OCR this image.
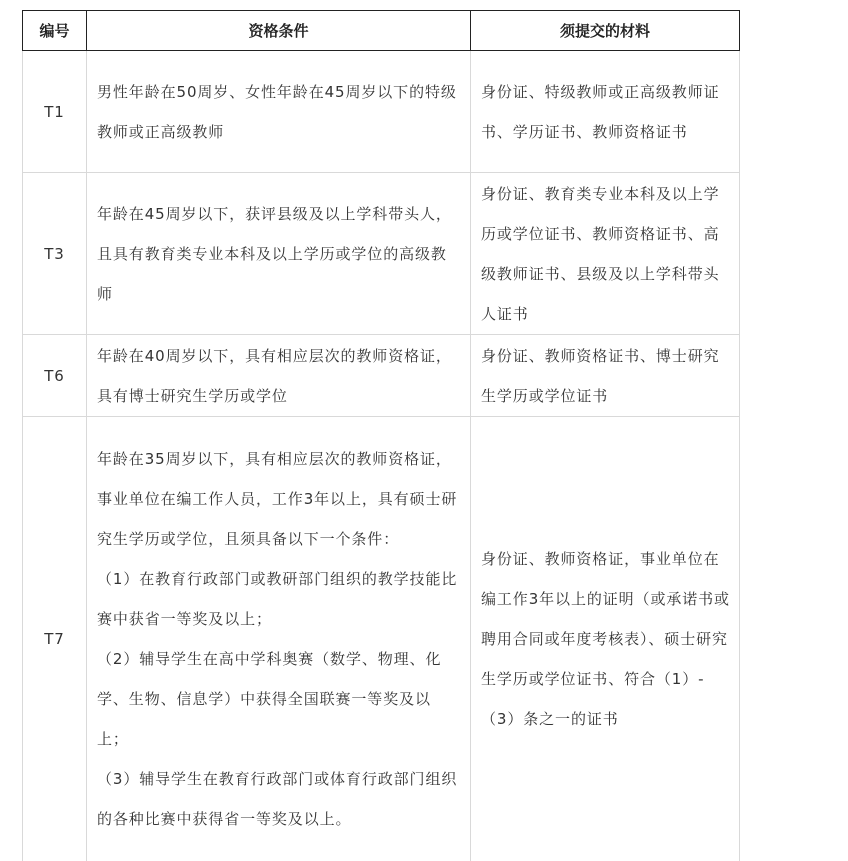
编号	资格条件	须提交的材料
T1	男性年龄在50周岁、女性年龄在45周岁以下的特级教师或正高级教师	身份证、特级教师或正高级教师证书、学历证书、教师资格证书
T3	年龄在45周岁以下，获评县级及以上学科带头人，且具有教育类专业本科及以上学历或学位的高级教师	身份证、教育类专业本科及以上学历或学位证书、教师资格证书、高级教师证书、县级及以上学科带头人证书
T6	年龄在40周岁以下，具有相应层次的教师资格证，具有博士研究生学历或学位	身份证、教师资格证书、博士研究生学历或学位证书
T7	年龄在35周岁以下，具有相应层次的教师资格证，事业单位在编工作人员，工作3年以上，具有硕士研究生学历或学位，且须具备以下一个条件：
（1）在教育行政部门或教研部门组织的教学技能比赛中获省一等奖及以上；
（2）辅导学生在高中学科奥赛（数学、物理、化学、生物、信息学）中获得全国联赛一等奖及以上；
（3）辅导学生在教育行政部门或体育行政部门组织的各种比赛中获得省一等奖及以上。	身份证、教师资格证，事业单位在编工作3年以上的证明（或承诺书或聘用合同或年度考核表）、硕士研究生学历或学位证书、符合（1）-（3）条之一的证书
